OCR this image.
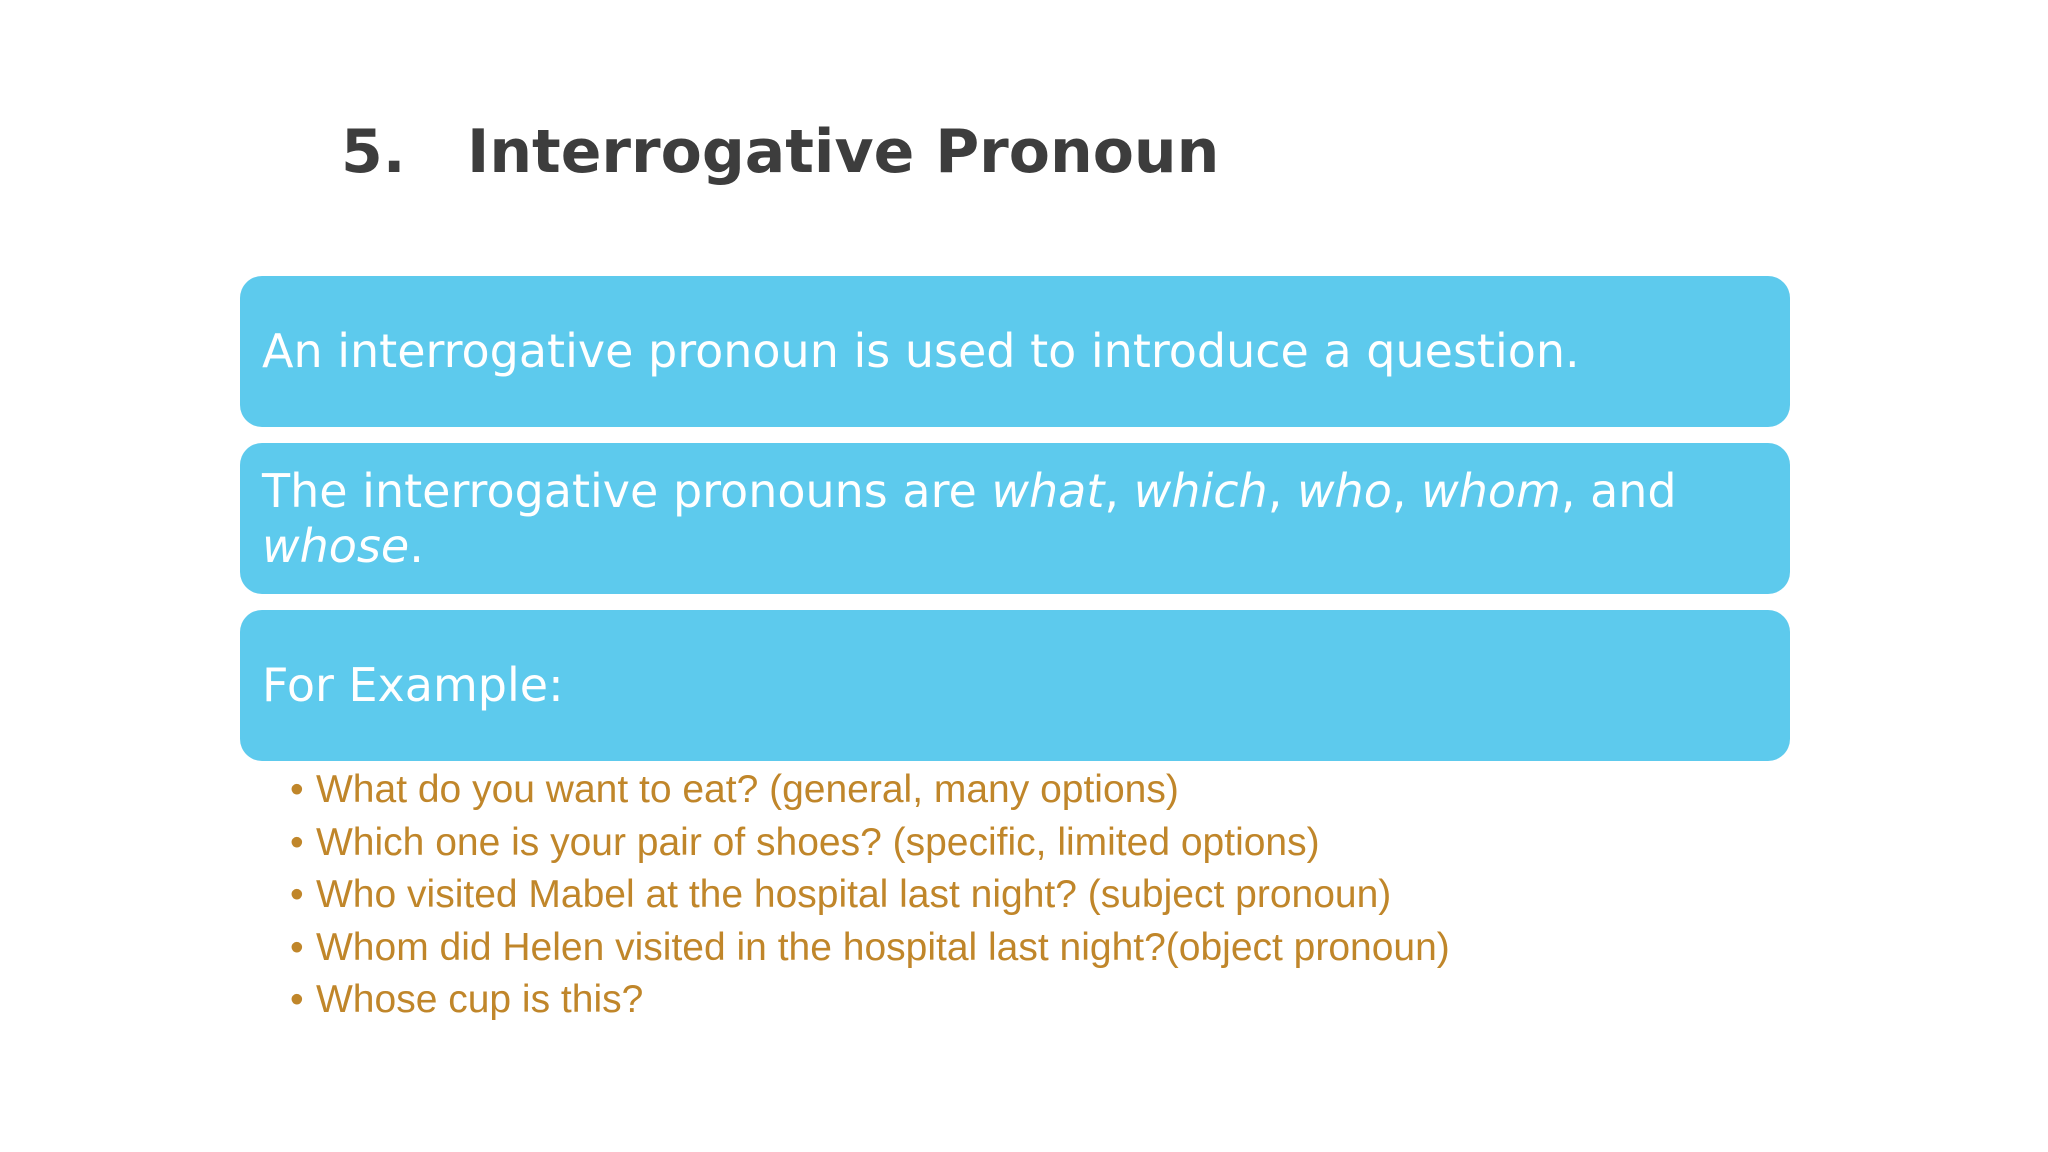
5.	Interrogative Pronoun
An interrogative pronoun is used to introduce a question.
The interrogative pronouns are what, which, who, whom, and whose.
For Example:
• What do you want to eat? (general, many options)
• Which one is your pair of shoes? (specific, limited options)
• Who visited Mabel at the hospital last night? (subject pronoun)
• Whom did Helen visited in the hospital last night?(object pronoun)
• Whose cup is this?
